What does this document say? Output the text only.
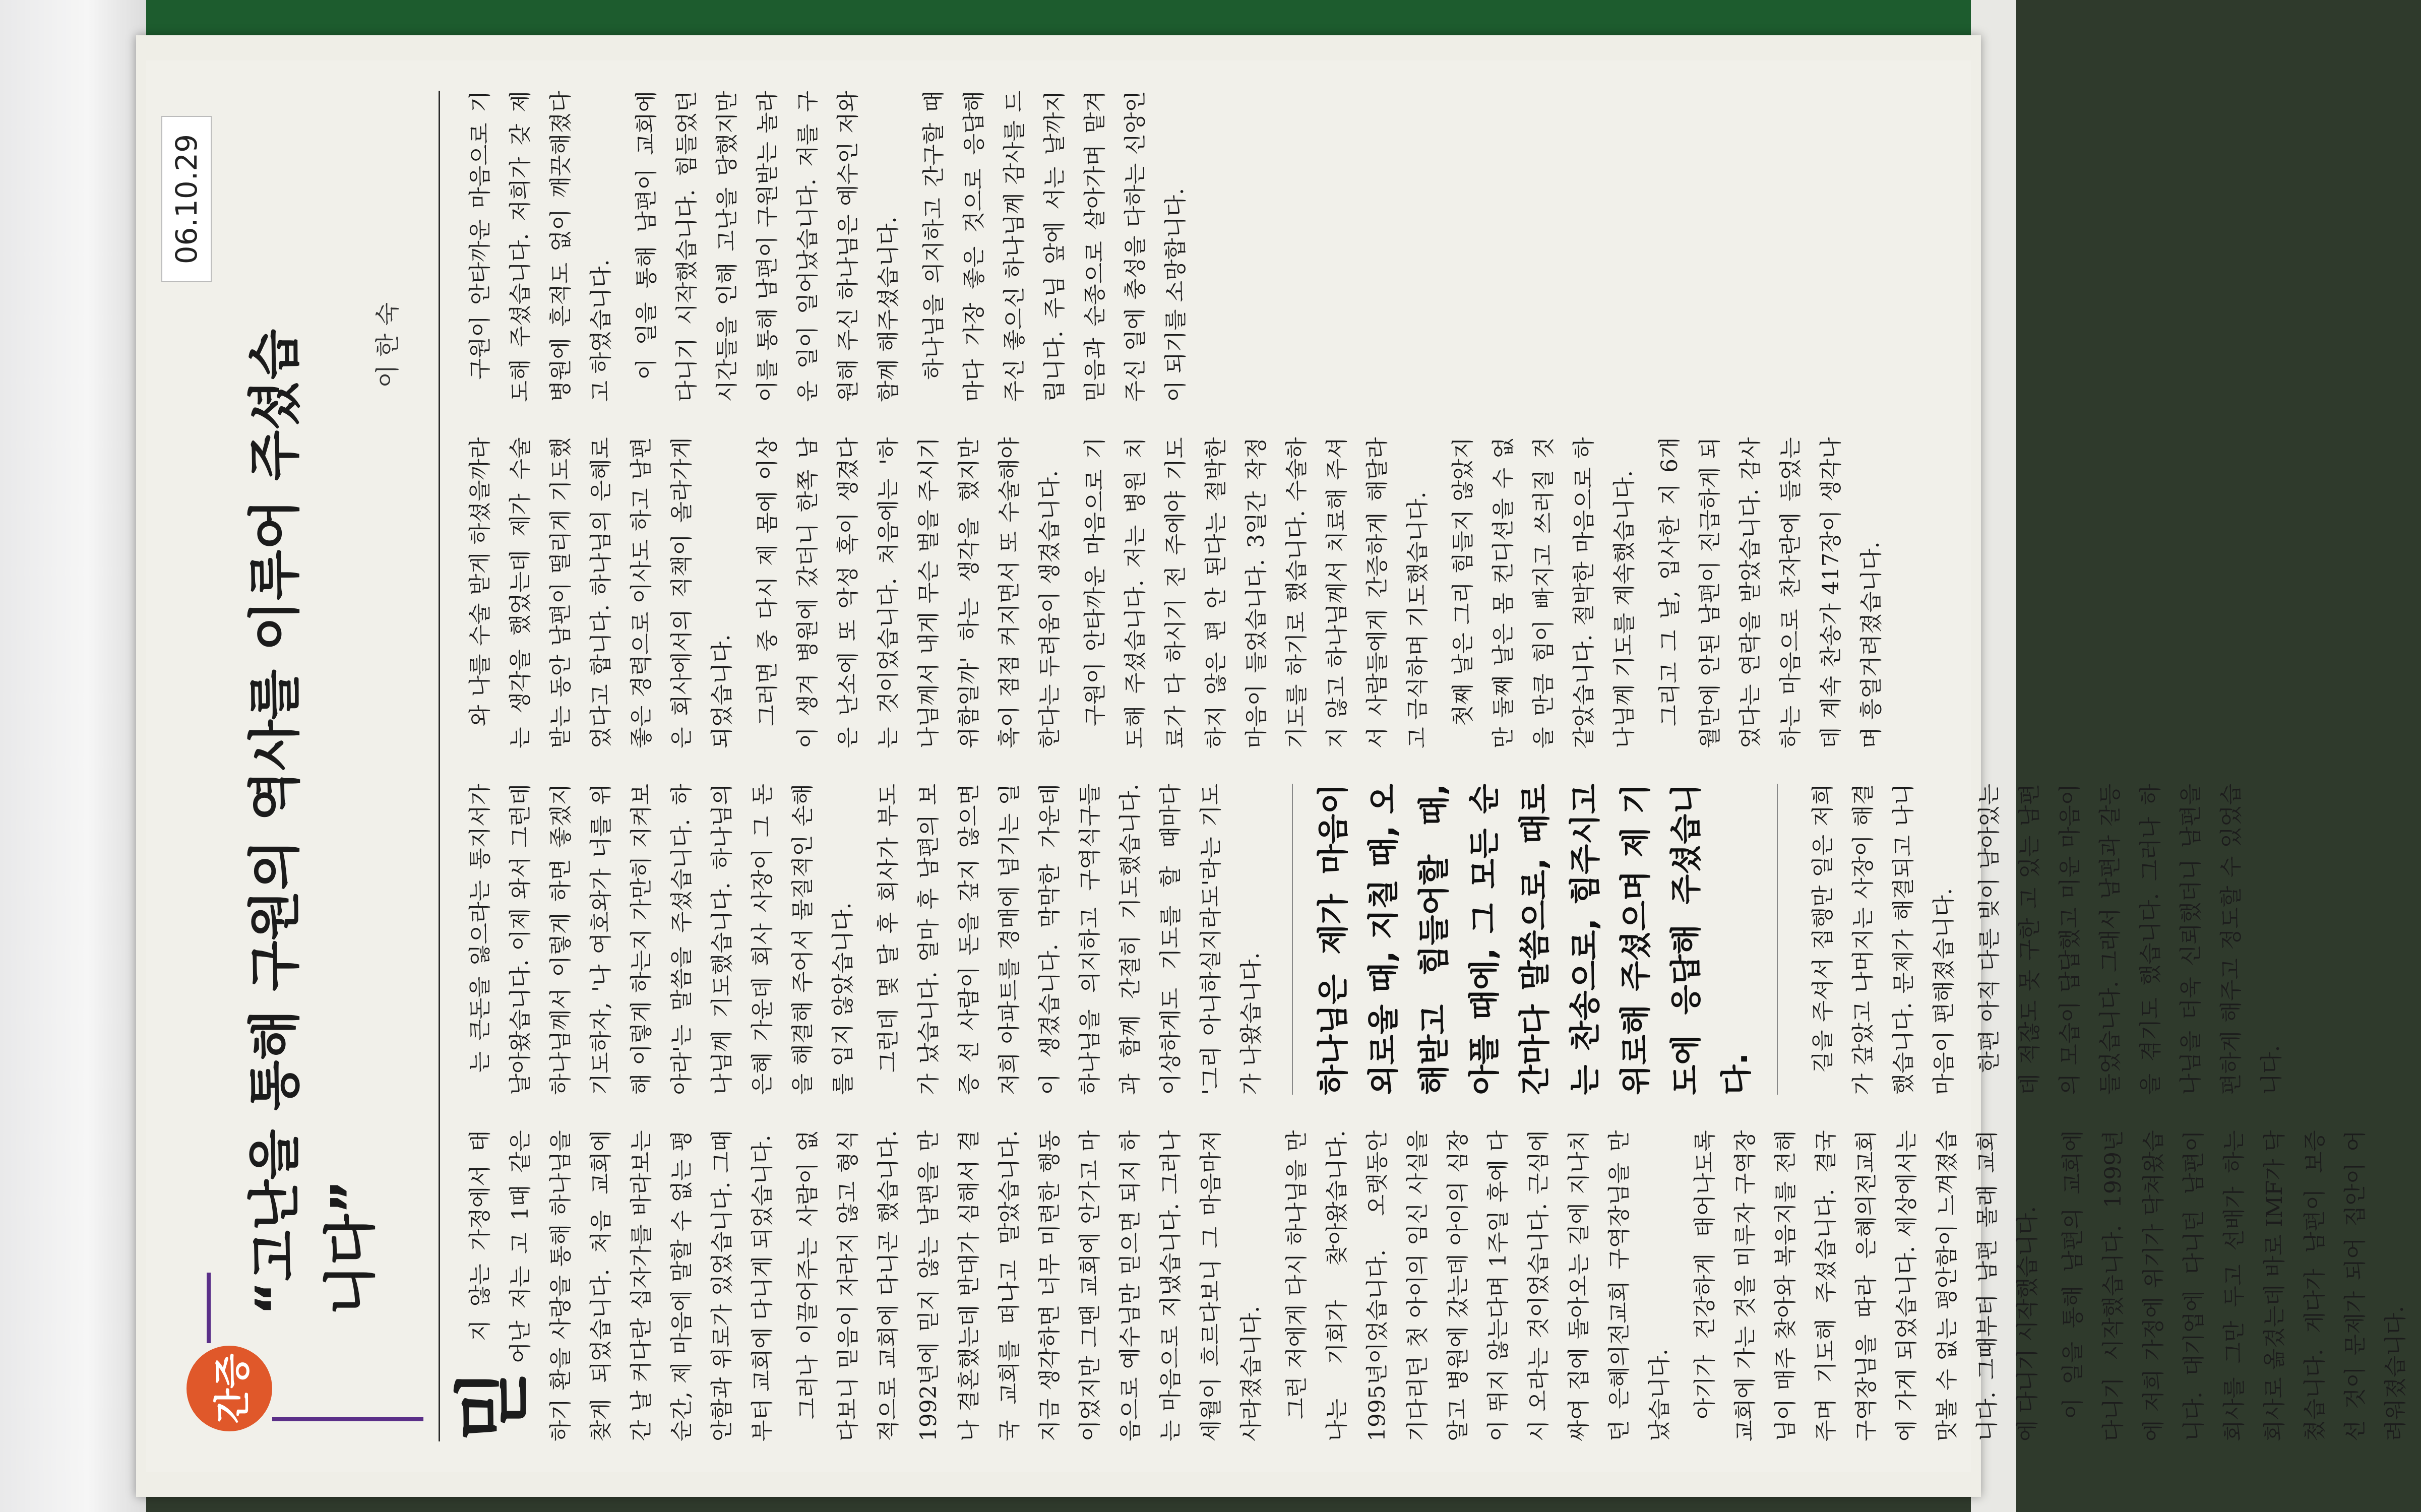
간증
“고난을 통해 구원의 역사를 이루어 주셨습니다”
이 한 숙
06.10.29
믿

지 않는 가정에서 태어난 저는 고 1때 같은 하기 환을 사랑을 통해 하나님을 찾게 되었습니다. 처음 교회에 간 날 커다란 십자가를 바라보는 순간, 제 마음에 말할 수 없는 평안함과 위로가 있었습니다. 그때부터 교회에 다니게 되었습니다. 그러나 이끌어주는 사람이 없다보니 믿음이 자라지 않고 형식적으로 교회에 다니곤 했습니다. 1992년에 믿지 않는 남편을 만나 결혼했는데 반대가 심해서 결국 교회를 떠나고 말았습니다. 지금 생각하면 너무 미련한 행동이었지만 그땐 교회에 안가고 마음으로 예수님만 믿으면 되지 하는 마음으로 지냈습니다. 그러나 세월이 흐르다보니 그 마음마저 사라졌습니다. 그런 저에게 다시 하나님을 만나는 기회가 찾아왔습니다. 1995년이었습니다. 오랫동안 기다리던 첫 아이의 임신 사실을 알고 병원에 갔는데 아이의 심장이 뛰지 않는다며 1주일 후에 다시 오라는 것이었습니다. 근심에 싸여 집에 돌아오는 길에 지나치던 은혜의전교회 구역장님을 만났습니다. 아기가 건강하게 태어나도록 교회에 가는 것을 미루자 구역장님이 매주 찾아와 복음지를 전해주며 기도해 주셨습니다. 결국 구역장님을 따라 은혜의전교회에 가게 되었습니다. 세상에서는 맛볼 수 없는 평안함이 느껴졌습니다. 그때부터 남편 몰래 교회에 다니기 시작했습니다. 이 일을 통해 남편의 교회에 다니기 시작했습니다. 1999년에 저희 가정에 위기가 닥쳐왔습니다. 대기업에 다니던 남편이 회사를 그만 두고 선배가 하는 회사로 옮겼는데 바로 IMF가 닥쳤습니다. 게다가 남편이 보증 선 것이 문제가 되어 집안이 어려워졌습니다.

는 큰돈을 잃으라는 통지서가 날아왔습니다. 이제 와서 그런데 하나님께서 이렇게 하면 좋겠지 기도하자, '나 여호와가 너를 위해 이렇게 하는지 가만히 지켜보아라'는 말씀을 주셨습니다. 하나님께 기도했습니다. 하나님의 은혜 가운데 회사 사장이 그 돈을 해결해 주어서 물질적인 손해를 입지 않았습니다. 그런데 몇 달 후 회사가 부도가 났습니다. 얼마 후 남편의 보증 선 사람이 돈을 갚지 않으면 저희 아파트를 경매에 넘기는 일이 생겼습니다. 막막한 가운데 하나님을 의지하고 구역식구들과 함께 간절히 기도했습니다. 이상하게도 기도를 할 때마다 '그리 아니하실지라도'라는 기도가 나왔습니다.	하나님은 제가 마음이 외로울 때, 지칠 때, 오해받고 힘들어할 때, 아플 때에, 그 모든 순간마다 말씀으로, 때로는 찬송으로, 힘주시고 위로해 주셨으며 제 기도에 응답해 주셨습니다.

길을 주셔서 집행만 일은 저희가 갚았고 나머지는 사장이 해결했습니다. 문제가 해결되고 나니 마음이 편해졌습니다. 한편 아직 다른 빚이 남아있는데 적잖도 못 구한 고 있는 남편의 모습이 답답했고 미운 마음이 들었습니다. 그래서 남편과 갈등을 겪기도 했습니다. 그러나 하나님을 더욱 신뢰했더니 남편을 편하게 해주고 정도할 수 있었습니다.

와 나를 수술 받게 하셨을까라는 생각을 했었는데 제가 수술 받는 동안 남편이 떨리게 기도했었다고 합니다. 하나님의 은혜로 좋은 경력으로 이사도 하고 남편은 회사에서의 직책이 올라가게 되었습니다. 그러면 중 다시 제 몸에 이상이 생겨 병원에 갔더니 한쪽 남은 난소에 또 악성 혹이 생겼다는 것이었습니다. 처음에는 '하나님께서 내게 무슨 벌을 주시기 위함일까' 하는 생각을 했지만 혹이 점점 커지면서 또 수술해야 한다는 두려움이 생겼습니다. 구원이 안타까운 마음으로 기도해 주셨습니다. 저는 병원 치료가 다 하시기 전 주에야 기도하지 않은 편 안 된다는 절박한 마음이 들었습니다. 3일간 작정 기도를 하기로 했습니다. 수술하지 않고 하나님께서 치료해 주셔서 사람들에게 간증하게 해달라고 금식하며 기도했습니다. 첫째 날은 그리 힘들지 않았지만 둘째 날은 몸 컨디션을 수 없을 만큼 힘이 빠지고 쓰러질 것 같았습니다. 절박한 마음으로 하나님께 기도를 계속했습니다. 그리고 그 날, 입사한 지 6개월만에 안된 남편이 진급하게 되었다는 연락을 받았습니다. 감사하는 마음으로 찬자란에 들었는데 계속 찬송가 417장이 생각나며 흥얼거려졌습니다.

구원이 안타까운 마음으로 기도해 주셨습니다. 저희가 갖 제 병원에 흔적도 없이 깨끗해졌다고 하였습니다. 이 일을 통해 남편이 교회에 다니기 시작했습니다. 힘들었던 시간들을 인해 고난을 당했지만 이를 통해 남편이 구원받는 놀라운 일이 일어났습니다. 저를 구원해 주신 하나님은 예수인 저와 함께 해주셨습니다. 하나님을 의지하고 간구할 때마다 가장 좋은 것으로 응답해 주신 좋으신 하나님께 감사를 드립니다. 주님 앞에 서는 날까지 믿음과 순종으로 살아가며 맡겨주신 일에 충성을 다하는 신앙인이 되기를 소망합니다.
